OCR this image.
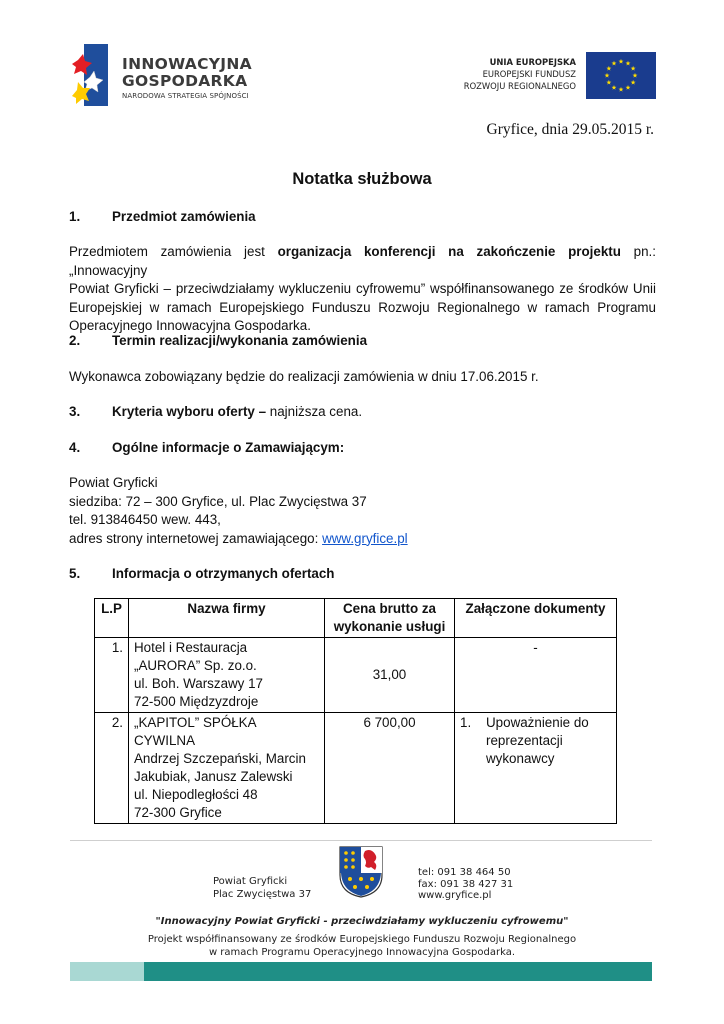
INNOWACYJNA
GOSPODARKA
NARODOWA STRATEGIA SPÓJNOŚCI
UNIA EUROPEJSKA
EUROPEJSKI FUNDUSZ
ROZWOJU REGIONALNEGO
Gryfice, dnia 29.05.2015 r.
Notatka służbowa
1. Przedmiot zamówienia
Przedmiotem zamówienia jest organizacja konferencji na zakończenie projektu pn.: „Innowacyjny
Powiat Gryficki – przeciwdziałamy wykluczeniu cyfrowemu” współfinansowanego ze środków Unii
Europejskiej w ramach Europejskiego Funduszu Rozwoju Regionalnego w ramach Programu
Operacyjnego Innowacyjna Gospodarka.
2. Termin realizacji/wykonania zamówienia
Wykonawca zobowiązany będzie do realizacji zamówienia w dniu 17.06.2015 r.
3. Kryteria wyboru oferty – najniższa cena.
4. Ogólne informacje o Zamawiającym:
Powiat Gryficki
siedziba: 72 – 300 Gryfice, ul. Plac Zwycięstwa 37
tel. 913846450 wew. 443,
adres strony internetowej zamawiającego: www.gryfice.pl
5. Informacja o otrzymanych ofertach
L.P	Nazwa firmy	Cena brutto za
wykonanie usługi	Załączone dokumenty
1.	Hotel i Restauracja
„AURORA” Sp. zo.o.
ul. Boh. Warszawy 17
72-500 Międzyzdroje	31,00	-
2.	„KAPITOL” SPÓŁKA CYWILNA
Andrzej Szczepański, Marcin
Jakubiak, Janusz Zalewski
ul. Niepodległości 48
72-300 Gryfice	6 700,00	1. Upoważnienie do
reprezentacji
wykonawcy
Powiat Gryficki
Plac Zwycięstwa 37
tel: 091 38 464 50
fax: 091 38 427 31
www.gryfice.pl
"Innowacyjny Powiat Gryficki - przeciwdziałamy wykluczeniu cyfrowemu"
Projekt współfinansowany ze środków Europejskiego Funduszu Rozwoju Regionalnego
w ramach Programu Operacyjnego Innowacyjna Gospodarka.
